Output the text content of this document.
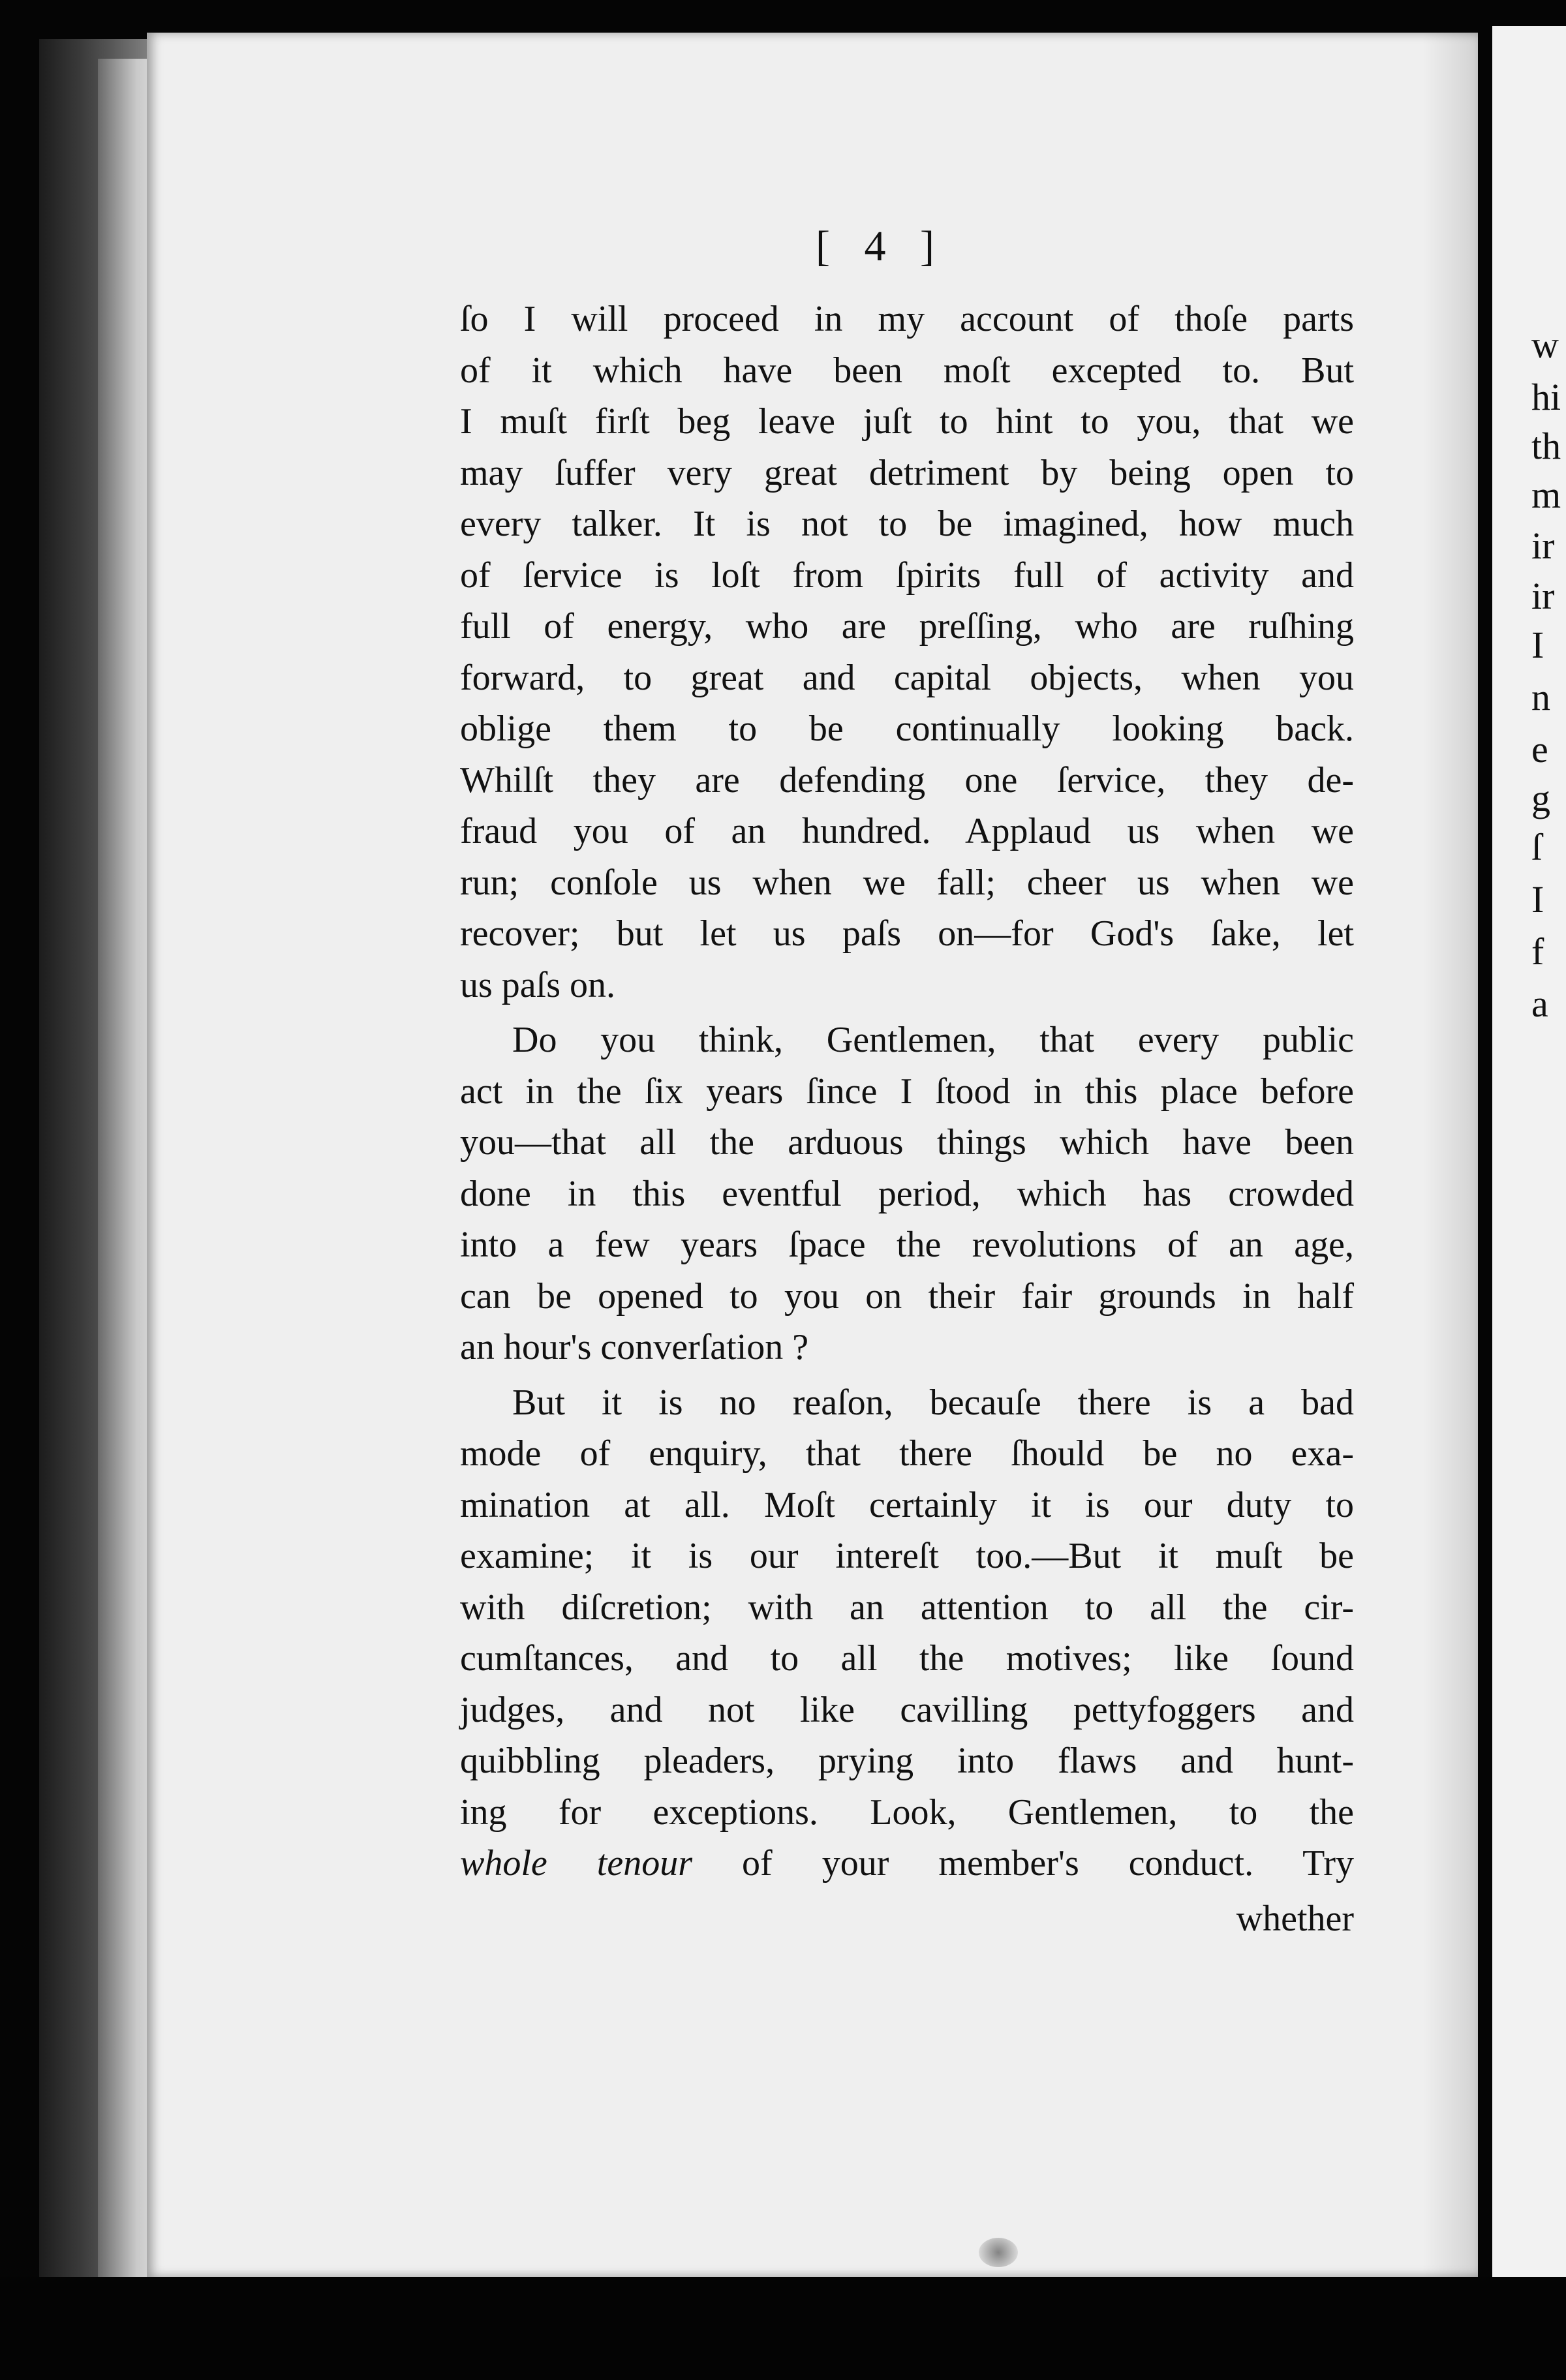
w
hi
th
m
ir
ir
I
n
e
g
ſ
I
f
a
[ 4 ]
ſo I will proceed in my account of thoſe parts
of it which have been moſt excepted to. But
I muſt firſt beg leave juſt to hint to you, that we
may ſuffer very great detriment by being open to
every talker. It is not to be imagined, how much
of ſervice is loſt from ſpirits full of activity and
full of energy, who are preſſing, who are ruſhing
forward, to great and capital objects, when you
oblige them to be continually looking back.
Whilſt they are defending one ſervice, they de-
fraud you of an hundred. Applaud us when we
run; conſole us when we fall; cheer us when we
recover; but let us paſs on—for God's ſake, let
us paſs on.
Do you think, Gentlemen, that every public
act in the ſix years ſince I ſtood in this place before
you—that all the arduous things which have been
done in this eventful period, which has crowded
into a few years ſpace the revolutions of an age,
can be opened to you on their fair grounds in half
an hour's converſation ?
But it is no reaſon, becauſe there is a bad
mode of enquiry, that there ſhould be no exa-
mination at all. Moſt certainly it is our duty to
examine; it is our intereſt too.—But it muſt be
with diſcretion; with an attention to all the cir-
cumſtances, and to all the motives; like ſound
judges, and not like cavilling pettyfoggers and
quibbling pleaders, prying into flaws and hunt-
ing for exceptions. Look, Gentlemen, to the
whole tenour of your member's conduct. Try
whether
